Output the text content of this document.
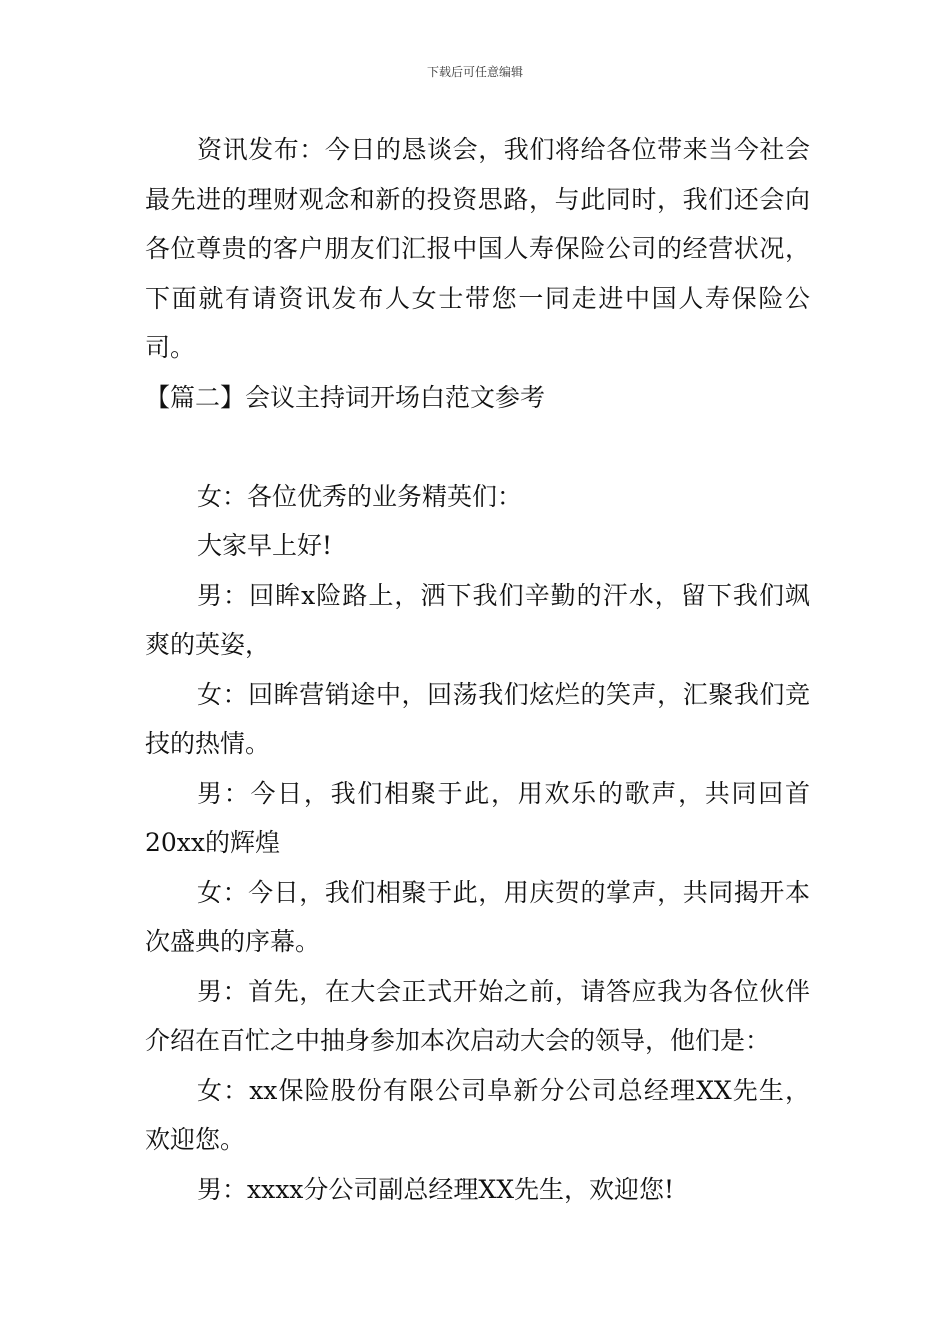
下载后可任意编辑

资讯发布：今日的恳谈会，我们将给各位带来当今社会最先进的理财观念和新的投资思路，与此同时，我们还会向各位尊贵的客户朋友们汇报中国人寿保险公司的经营状况，下面就有请资讯发布人女士带您一同走进中国人寿保险公司。

【篇二】会议主持词开场白范文参考

女：各位优秀的业务精英们：

大家早上好!

男：回眸x险路上，洒下我们辛勤的汗水，留下我们飒爽的英姿，

女：回眸营销途中，回荡我们炫烂的笑声，汇聚我们竞技的热情。

男：今日，我们相聚于此，用欢乐的歌声，共同回首20xx的辉煌

女：今日，我们相聚于此，用庆贺的掌声，共同揭开本次盛典的序幕。

男：首先，在大会正式开始之前，请答应我为各位伙伴介绍在百忙之中抽身参加本次启动大会的领导，他们是：

女：xx保险股份有限公司阜新分公司总经理XX先生，欢迎您。

男：xxxx分公司副总经理XX先生，欢迎您!
